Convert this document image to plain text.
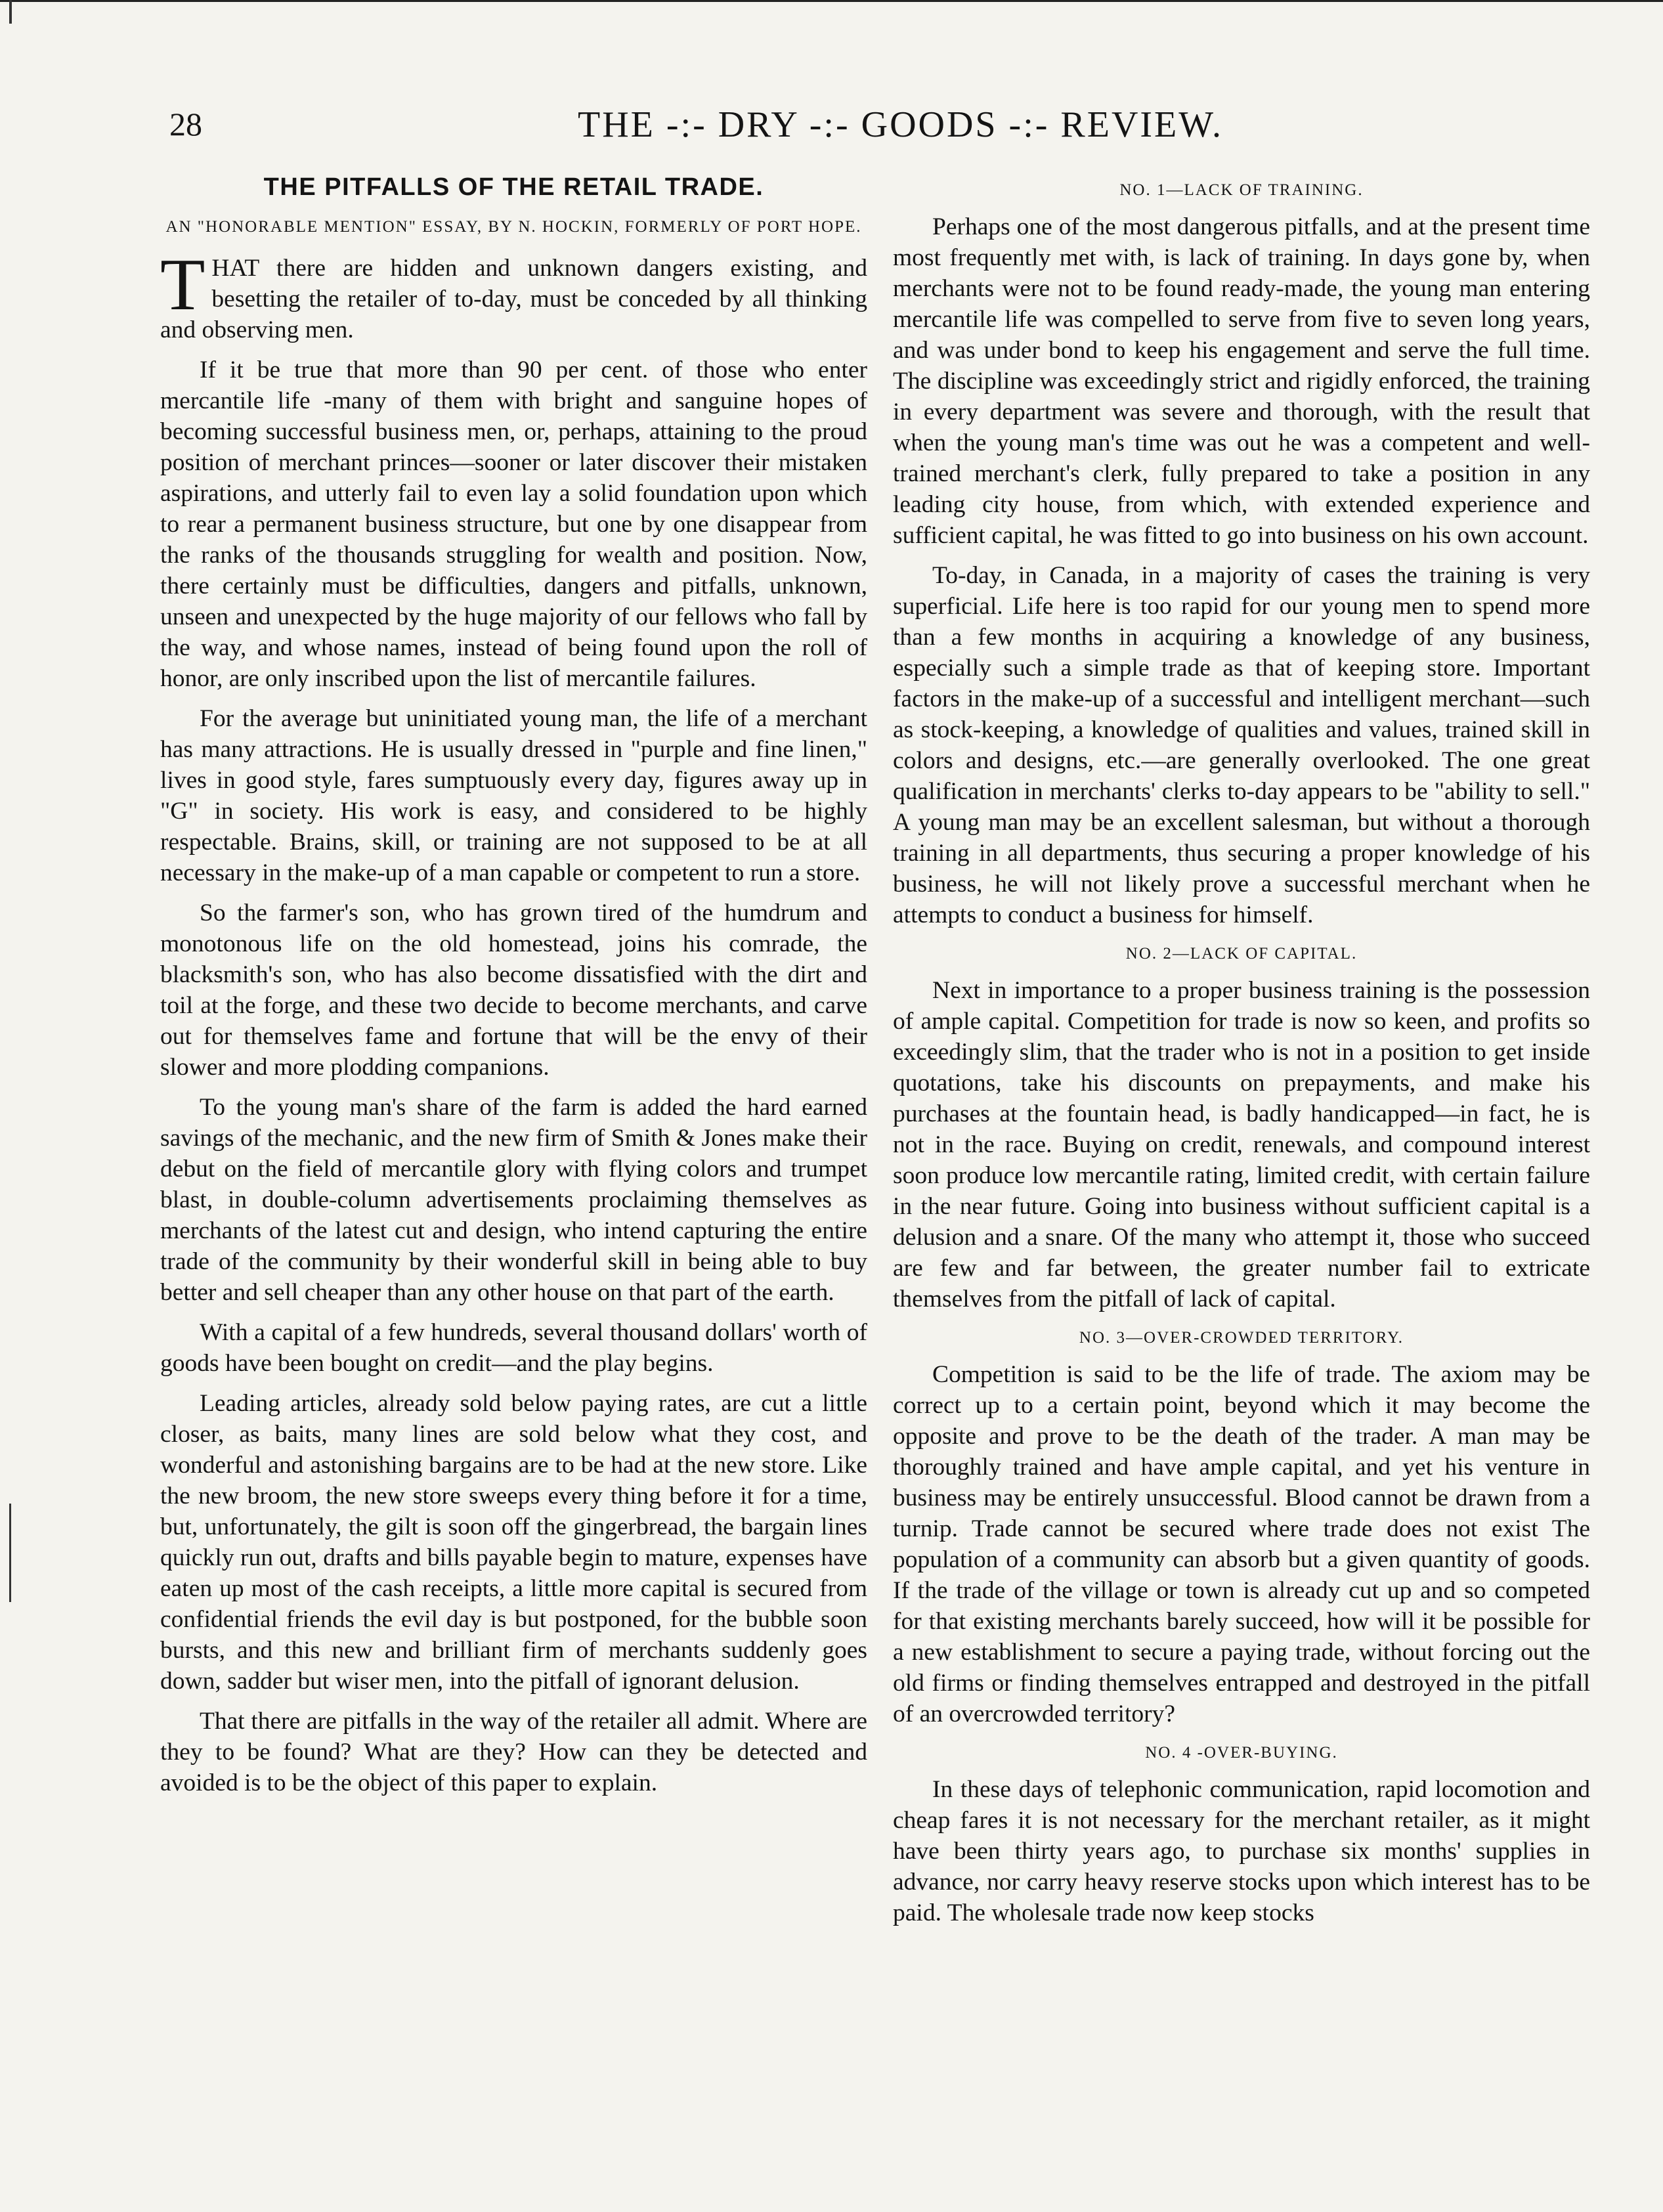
28	THE -:- DRY -:- GOODS -:- REVIEW.
THE PITFALLS OF THE RETAIL TRADE.
AN "HONORABLE MENTION" ESSAY, BY N. HOCKIN, FORMERLY OF PORT HOPE.

THAT there are hidden and unknown dangers existing, and besetting the retailer of to-day, must be conceded by all thinking and observing men.

If it be true that more than 90 per cent. of those who enter mercantile life -many of them with bright and sanguine hopes of becoming successful business men, or, perhaps, attaining to the proud position of merchant princes—sooner or later discover their mistaken aspirations, and utterly fail to even lay a solid foundation upon which to rear a permanent business structure, but one by one disappear from the ranks of the thousands struggling for wealth and position. Now, there certainly must be difficulties, dangers and pitfalls, unknown, unseen and unexpected by the huge majority of our fellows who fall by the way, and whose names, instead of being found upon the roll of honor, are only inscribed upon the list of mercantile failures.

For the average but uninitiated young man, the life of a merchant has many attractions. He is usually dressed in "purple and fine linen," lives in good style, fares sumptuously every day, figures away up in "G" in society. His work is easy, and considered to be highly respectable. Brains, skill, or training are not supposed to be at all necessary in the make-up of a man capable or competent to run a store.

So the farmer's son, who has grown tired of the humdrum and monotonous life on the old homestead, joins his comrade, the blacksmith's son, who has also become dissatisfied with the dirt and toil at the forge, and these two decide to become merchants, and carve out for themselves fame and fortune that will be the envy of their slower and more plodding companions.

To the young man's share of the farm is added the hard earned savings of the mechanic, and the new firm of Smith & Jones make their debut on the field of mercantile glory with flying colors and trumpet blast, in double-column advertisements proclaiming themselves as merchants of the latest cut and design, who intend capturing the entire trade of the community by their wonderful skill in being able to buy better and sell cheaper than any other house on that part of the earth.

With a capital of a few hundreds, several thousand dollars' worth of goods have been bought on credit—and the play begins.

Leading articles, already sold below paying rates, are cut a little closer, as baits, many lines are sold below what they cost, and wonderful and astonishing bargains are to be had at the new store. Like the new broom, the new store sweeps every thing before it for a time, but, unfortunately, the gilt is soon off the gingerbread, the bargain lines quickly run out, drafts and bills payable begin to mature, expenses have eaten up most of the cash receipts, a little more capital is secured from confidential friends the evil day is but postponed, for the bubble soon bursts, and this new and brilliant firm of merchants suddenly goes down, sadder but wiser men, into the pitfall of ignorant delusion.

That there are pitfalls in the way of the retailer all admit. Where are they to be found? What are they? How can they be detected and avoided is to be the object of this paper to explain.

NO. 1—LACK OF TRAINING.

Perhaps one of the most dangerous pitfalls, and at the present time most frequently met with, is lack of training. In days gone by, when merchants were not to be found ready-made, the young man entering mercantile life was compelled to serve from five to seven long years, and was under bond to keep his engagement and serve the full time. The discipline was exceedingly strict and rigidly enforced, the training in every department was severe and thorough, with the result that when the young man's time was out he was a competent and well-trained merchant's clerk, fully prepared to take a position in any leading city house, from which, with extended experience and sufficient capital, he was fitted to go into business on his own account.

To-day, in Canada, in a majority of cases the training is very superficial. Life here is too rapid for our young men to spend more than a few months in acquiring a knowledge of any business, especially such a simple trade as that of keeping store. Important factors in the make-up of a successful and intelligent merchant—such as stock-keeping, a knowledge of qualities and values, trained skill in colors and designs, etc.—are generally overlooked. The one great qualification in merchants' clerks to-day appears to be "ability to sell." A young man may be an excellent salesman, but without a thorough training in all departments, thus securing a proper knowledge of his business, he will not likely prove a successful merchant when he attempts to conduct a business for himself.

NO. 2—LACK OF CAPITAL.

Next in importance to a proper business training is the possession of ample capital. Competition for trade is now so keen, and profits so exceedingly slim, that the trader who is not in a position to get inside quotations, take his discounts on prepayments, and make his purchases at the fountain head, is badly handicapped—in fact, he is not in the race. Buying on credit, renewals, and compound interest soon produce low mercantile rating, limited credit, with certain failure in the near future. Going into business without sufficient capital is a delusion and a snare. Of the many who attempt it, those who succeed are few and far between, the greater number fail to extricate themselves from the pitfall of lack of capital.

NO. 3—OVER-CROWDED TERRITORY.

Competition is said to be the life of trade. The axiom may be correct up to a certain point, beyond which it may become the opposite and prove to be the death of the trader. A man may be thoroughly trained and have ample capital, and yet his venture in business may be entirely unsuccessful. Blood cannot be drawn from a turnip. Trade cannot be secured where trade does not exist The population of a community can absorb but a given quantity of goods. If the trade of the village or town is already cut up and so competed for that existing merchants barely succeed, how will it be possible for a new establishment to secure a paying trade, without forcing out the old firms or finding themselves entrapped and destroyed in the pitfall of an overcrowded territory?

NO. 4 -OVER-BUYING.

In these days of telephonic communication, rapid locomotion and cheap fares it is not necessary for the merchant retailer, as it might have been thirty years ago, to purchase six months' supplies in advance, nor carry heavy reserve stocks upon which interest has to be paid. The wholesale trade now keep stocks
